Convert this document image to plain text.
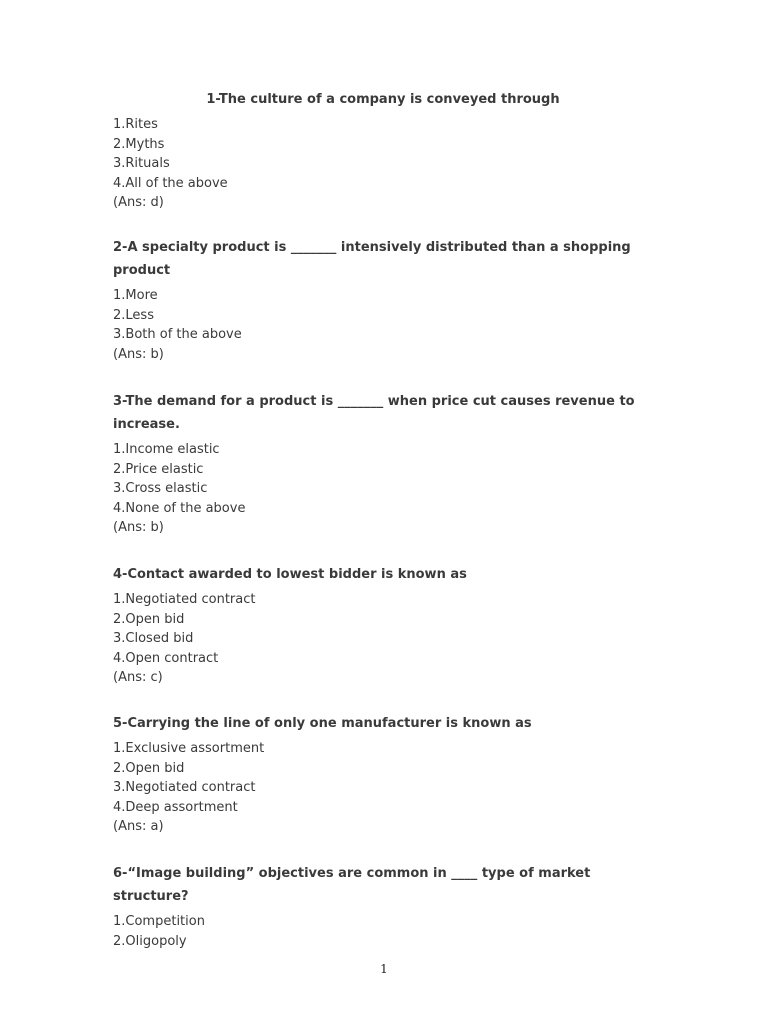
1-The culture of a company is conveyed through

1.Rites

2.Myths

3.Rituals

4.All of the above

(Ans: d)

2-A specialty product is _______ intensively distributed than a shopping product

1.More

2.Less

3.Both of the above

(Ans: b)

3-The demand for a product is _______ when price cut causes revenue to increase.

1.Income elastic

2.Price elastic

3.Cross elastic

4.None of the above

(Ans: b)

4-Contact awarded to lowest bidder is known as

1.Negotiated contract

2.Open bid

3.Closed bid

4.Open contract

(Ans: c)

5-Carrying the line of only one manufacturer is known as

1.Exclusive assortment

2.Open bid

3.Negotiated contract

4.Deep assortment

(Ans: a)

6-“Image building” objectives are common in ____ type of market structure?

1.Competition

2.Oligopoly

1
